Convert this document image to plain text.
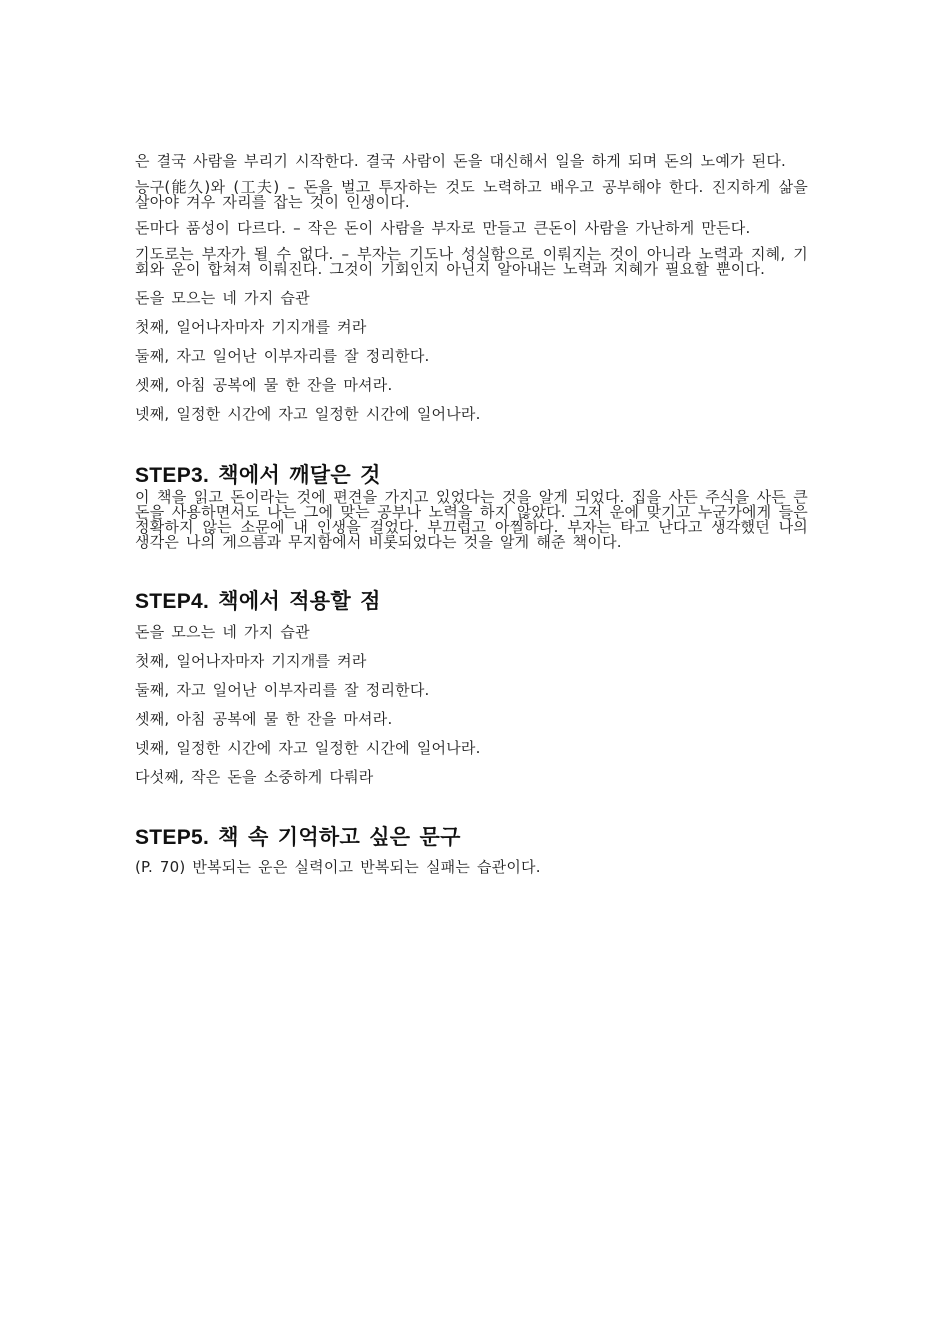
은 결국 사람을 부리기 시작한다. 결국 사람이 돈을 대신해서 일을 하게 되며 돈의 노예가 된다.

능구(能久)와 (工夫) – 돈을 벌고 투자하는 것도 노력하고 배우고 공부해야 한다. 진지하게 삶을 살아야 겨우 자리를 잡는 것이 인생이다.

돈마다 품성이 다르다. – 작은 돈이 사람을 부자로 만들고 큰돈이 사람을 가난하게 만든다.

기도로는 부자가 될 수 없다. – 부자는 기도나 성실함으로 이뤄지는 것이 아니라 노력과 지혜, 기회와 운이 합쳐져 이뤄진다. 그것이 기회인지 아닌지 알아내는 노력과 지혜가 필요할 뿐이다.

돈을 모으는 네 가지 습관

첫째, 일어나자마자 기지개를 켜라

둘째, 자고 일어난 이부자리를 잘 정리한다.

셋째, 아침 공복에 물 한 잔을 마셔라.

넷째, 일정한 시간에 자고 일정한 시간에 일어나라.

STEP3. 책에서 깨달은 것

이 책을 읽고 돈이라는 것에 편견을 가지고 있었다는 것을 알게 되었다. 집을 사든 주식을 사든 큰 돈을 사용하면서도 나는 그에 맞는 공부나 노력을 하지 않았다. 그저 운에 맞기고 누군가에게 들은 정확하지 않는 소문에 내 인생을 걸었다. 부끄럽고 아찔하다. 부자는 타고 난다고 생각했던 나의 생각은 나의 게으름과 무지함에서 비롯되었다는 것을 알게 해준 책이다.

STEP4. 책에서 적용할 점

돈을 모으는 네 가지 습관

첫째, 일어나자마자 기지개를 켜라

둘째, 자고 일어난 이부자리를 잘 정리한다.

셋째, 아침 공복에 물 한 잔을 마셔라.

넷째, 일정한 시간에 자고 일정한 시간에 일어나라.

다섯째, 작은 돈을 소중하게 다뤄라

STEP5. 책 속 기억하고 싶은 문구

(P. 70) 반복되는 운은 실력이고 반복되는 실패는 습관이다.
